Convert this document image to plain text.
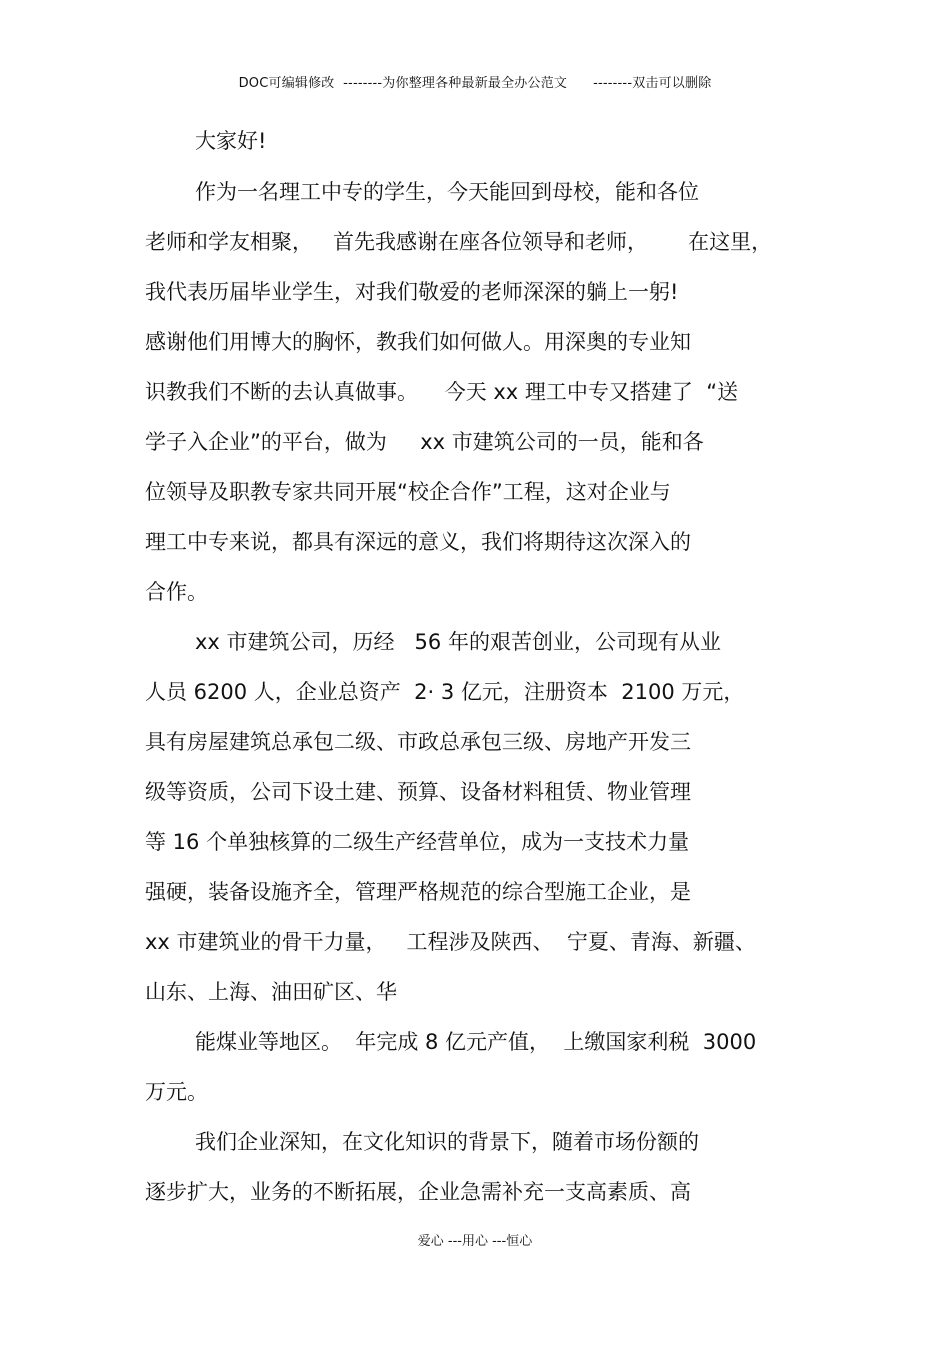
DOC可编辑修改  --------为你整理各种最新最全办公范文      --------双击可以删除
大家好!
作为一名理工中专的学生，今天能回到母校，能和各位
老师和学友相聚，   首先我感谢在座各位领导和老师，      在这里，
我代表历届毕业学生，对我们敬爱的老师深深的躺上一躬!
感谢他们用博大的胸怀，教我们如何做人。用深奥的专业知
识教我们不断的去认真做事。    今天 xx 理工中专又搭建了  “送
学子入企业”的平台，做为     xx 市建筑公司的一员，能和各
位领导及职教专家共同开展“校企合作”工程，这对企业与
理工中专来说，都具有深远的意义，我们将期待这次深入的
合作。
xx 市建筑公司，历经   56 年的艰苦创业，公司现有从业
人员 6200 人，企业总资产  2· 3 亿元，注册资本  2100 万元，
具有房屋建筑总承包二级、市政总承包三级、房地产开发三
级等资质，公司下设土建、预算、设备材料租赁、物业管理
等 16 个单独核算的二级生产经营单位，成为一支技术力量
强硬，装备设施齐全，管理严格规范的综合型施工企业，是
xx 市建筑业的骨干力量，   工程涉及陕西、  宁夏、青海、新疆、
山东、上海、油田矿区、华
能煤业等地区。  年完成 8 亿元产值，  上缴国家利税  3000
万元。
我们企业深知，在文化知识的背景下，随着市场份额的
逐步扩大，业务的不断拓展，企业急需补充一支高素质、高
爱心 ---用心 ---恒心
